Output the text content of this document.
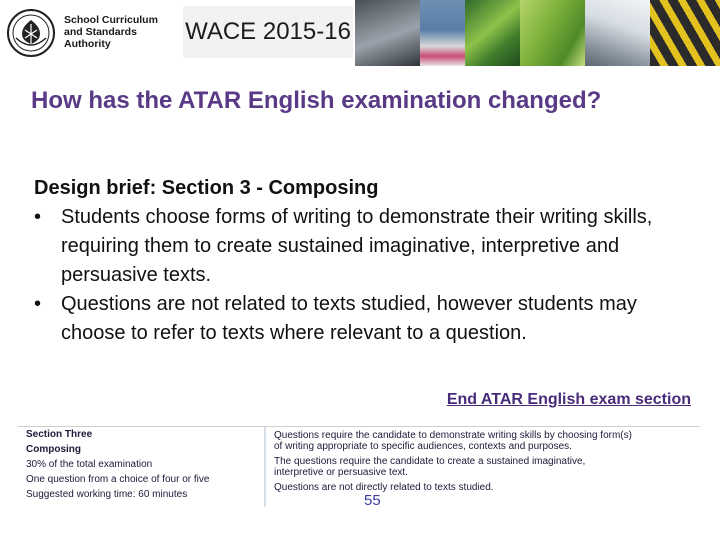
School Curriculum
and Standards
Authority	WACE 2015-16
How has the ATAR English examination changed?
Design brief: Section 3 - Composing
• Students choose forms of writing to demonstrate their writing skills, requiring them to create sustained imaginative, interpretive and persuasive texts.
• Questions are not related to texts studied, however students may choose to refer to texts where relevant to a question.
End ATAR English exam section
Section Three
Composing
30% of the total examination
One question from a choice of four or five
Suggested working time: 60 minutes
Questions require the candidate to demonstrate writing skills by choosing form(s)
of writing appropriate to specific audiences, contexts and purposes.
The questions require the candidate to create a sustained imaginative,
interpretive or persuasive text.
Questions are not directly related to texts studied.
55
